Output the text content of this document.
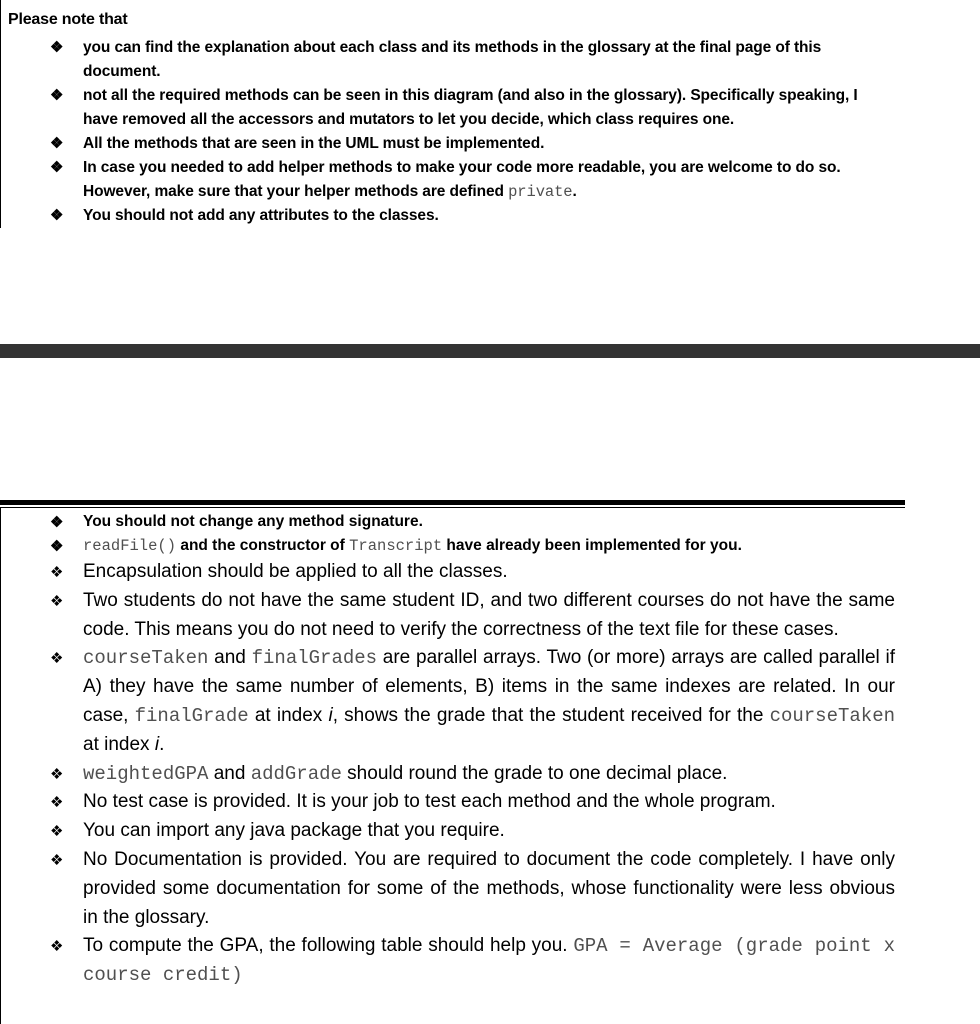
Please note that
❖ you can find the explanation about each class and its methods in the glossary at the final page of this document.
❖ not all the required methods can be seen in this diagram (and also in the glossary). Specifically speaking, I have removed all the accessors and mutators to let you decide, which class requires one.
❖ All the methods that are seen in the UML must be implemented.
❖ In case you needed to add helper methods to make your code more readable, you are welcome to do so. However, make sure that your helper methods are defined private.
❖ You should not add any attributes to the classes.
❖ You should not change any method signature.
❖ readFile() and the constructor of Transcript have already been implemented for you.
❖ Encapsulation should be applied to all the classes.
❖ Two students do not have the same student ID, and two different courses do not have the same code. This means you do not need to verify the correctness of the text file for these cases.
❖ courseTaken and finalGrades are parallel arrays. Two (or more) arrays are called parallel if A) they have the same number of elements, B) items in the same indexes are related. In our case, finalGrade at index i, shows the grade that the student received for the courseTaken at index i.
❖ weightedGPA and addGrade should round the grade to one decimal place.
❖ No test case is provided. It is your job to test each method and the whole program.
❖ You can import any java package that you require.
❖ No Documentation is provided. You are required to document the code completely. I have only provided some documentation for some of the methods, whose functionality were less obvious in the glossary.
❖ To compute the GPA, the following table should help you. GPA = Average (grade point x course credit)
